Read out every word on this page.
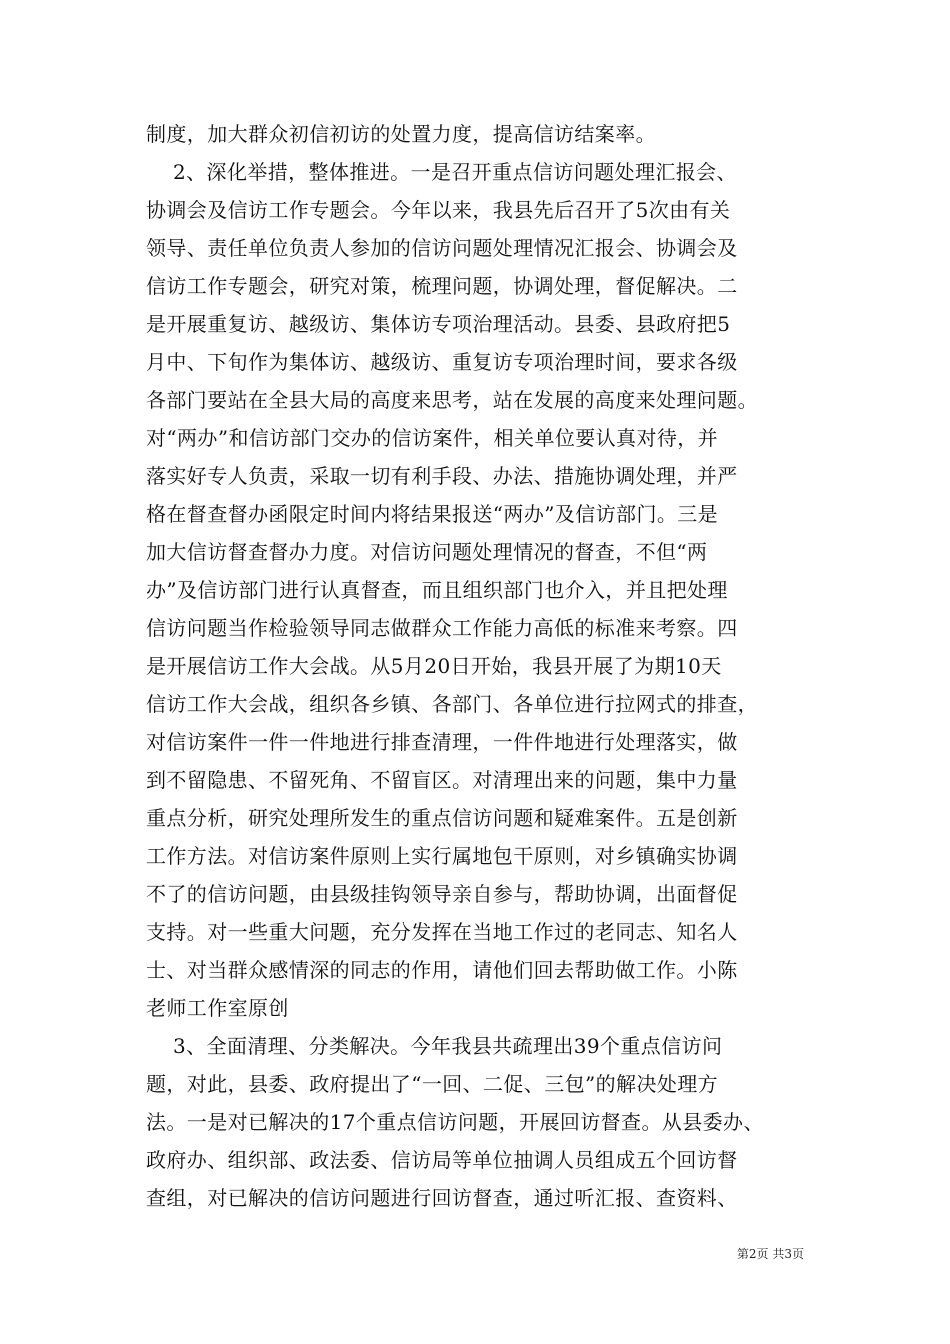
制度，加大群众初信初访的处置力度，提高信访结案率。
2、深化举措，整体推进。一是召开重点信访问题处理汇报会、
协调会及信访工作专题会。今年以来，我县先后召开了5次由有关
领导、责任单位负责人参加的信访问题处理情况汇报会、协调会及
信访工作专题会，研究对策，梳理问题，协调处理，督促解决。二
是开展重复访、越级访、集体访专项治理活动。县委、县政府把5
月中、下旬作为集体访、越级访、重复访专项治理时间，要求各级
各部门要站在全县大局的高度来思考，站在发展的高度来处理问题。
对“两办”和信访部门交办的信访案件，相关单位要认真对待，并
落实好专人负责，采取一切有利手段、办法、措施协调处理，并严
格在督查督办函限定时间内将结果报送“两办”及信访部门。三是
加大信访督查督办力度。对信访问题处理情况的督查，不但“两
办”及信访部门进行认真督查，而且组织部门也介入，并且把处理
信访问题当作检验领导同志做群众工作能力高低的标准来考察。四
是开展信访工作大会战。从5月20日开始，我县开展了为期10天
信访工作大会战，组织各乡镇、各部门、各单位进行拉网式的排查，
对信访案件一件一件地进行排查清理，一件件地进行处理落实，做
到不留隐患、不留死角、不留盲区。对清理出来的问题，集中力量
重点分析，研究处理所发生的重点信访问题和疑难案件。五是创新
工作方法。对信访案件原则上实行属地包干原则，对乡镇确实协调
不了的信访问题，由县级挂钩领导亲自参与，帮助协调，出面督促
支持。对一些重大问题，充分发挥在当地工作过的老同志、知名人
士、对当群众感情深的同志的作用，请他们回去帮助做工作。小陈
老师工作室原创
3、全面清理、分类解决。今年我县共疏理出39个重点信访问
题，对此，县委、政府提出了“一回、二促、三包”的解决处理方
法。一是对已解决的17个重点信访问题，开展回访督查。从县委办、
政府办、组织部、政法委、信访局等单位抽调人员组成五个回访督
查组，对已解决的信访问题进行回访督查，通过听汇报、查资料、
第2页 共3页
